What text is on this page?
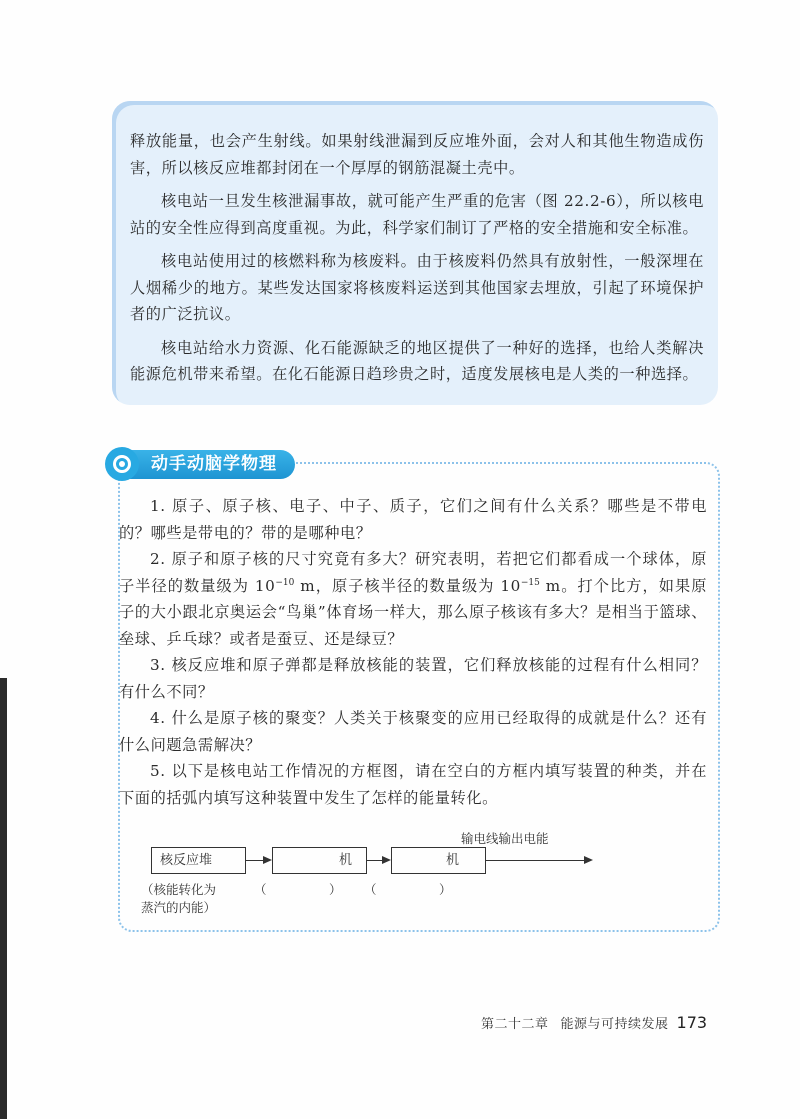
释放能量，也会产生射线。如果射线泄漏到反应堆外面，会对人和其他生物造成伤害，所以核反应堆都封闭在一个厚厚的钢筋混凝土壳中。

核电站一旦发生核泄漏事故，就可能产生严重的危害（图 22.2-6），所以核电站的安全性应得到高度重视。为此，科学家们制订了严格的安全措施和安全标准。

核电站使用过的核燃料称为核废料。由于核废料仍然具有放射性，一般深埋在人烟稀少的地方。某些发达国家将核废料运送到其他国家去埋放，引起了环境保护者的广泛抗议。

核电站给水力资源、化石能源缺乏的地区提供了一种好的选择，也给人类解决能源危机带来希望。在化石能源日趋珍贵之时，适度发展核电是人类的一种选择。

动手动脑学物理

1. 原子、原子核、电子、中子、质子，它们之间有什么关系？哪些是不带电的？哪些是带电的？带的是哪种电？

2. 原子和原子核的尺寸究竟有多大？研究表明，若把它们都看成一个球体，原子半径的数量级为 $10^{-10}$ m，原子核半径的数量级为 $10^{-15}$ m。打个比方，如果原子的大小跟北京奥运会“鸟巢”体育场一样大，那么原子核该有多大？是相当于篮球、垒球、乒乓球？或者是蚕豆、还是绿豆？

3. 核反应堆和原子弹都是释放核能的装置，它们释放核能的过程有什么相同？有什么不同？

4. 什么是原子核的聚变？人类关于核聚变的应用已经取得的成就是什么？还有什么问题急需解决？

5. 以下是核电站工作情况的方框图，请在空白的方框内填写装置的种类，并在下面的括弧内填写这种装置中发生了怎样的能量转化。

核反应堆	机	机
输电线输出电能
（核能转化为
蒸汽的内能）
（　　　　　） （　　　　　）
第二十二章 能源与可持续发展 173
